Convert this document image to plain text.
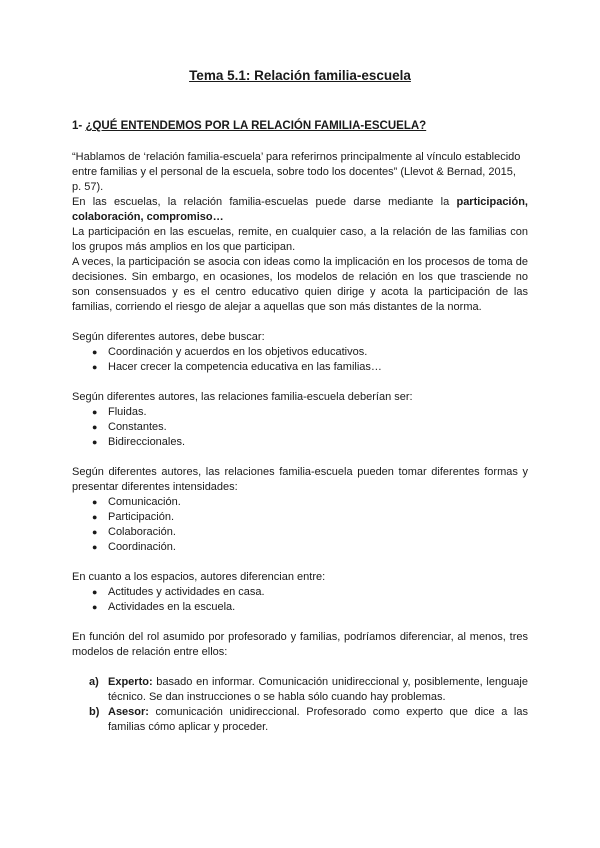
Tema 5.1: Relación familia-escuela
1- ¿QUÉ ENTENDEMOS POR LA RELACIÓN FAMILIA-ESCUELA?

“Hablamos de ‘relación familia-escuela’ para referirnos principalmente al vínculo establecido entre familias y el personal de la escuela, sobre todo los docentes” (Llevot & Bernad, 2015, p. 57).

En las escuelas, la relación familia-escuelas puede darse mediante la participación, colaboración, compromiso…

La participación en las escuelas, remite, en cualquier caso, a la relación de las familias con los grupos más amplios en los que participan.

A veces, la participación se asocia con ideas como la implicación en los procesos de toma de decisiones. Sin embargo, en ocasiones, los modelos de relación en los que trasciende no son consensuados y es el centro educativo quien dirige y acota la participación de las familias, corriendo el riesgo de alejar a aquellas que son más distantes de la norma.

Según diferentes autores, debe buscar:

● Coordinación y acuerdos en los objetivos educativos.
● Hacer crecer la competencia educativa en las familias…

Según diferentes autores, las relaciones familia-escuela deberían ser:

● Fluidas.
● Constantes.
● Bidireccionales.

Según diferentes autores, las relaciones familia-escuela pueden tomar diferentes formas y presentar diferentes intensidades:

● Comunicación.
● Participación.
● Colaboración.
● Coordinación.

En cuanto a los espacios, autores diferencian entre:

● Actitudes y actividades en casa.
● Actividades en la escuela.

En función del rol asumido por profesorado y familias, podríamos diferenciar, al menos, tres modelos de relación entre ellos:

a) Experto: basado en informar. Comunicación unidireccional y, posiblemente, lenguaje técnico. Se dan instrucciones o se habla sólo cuando hay problemas.
b) Asesor: comunicación unidireccional. Profesorado como experto que dice a las familias cómo aplicar y proceder.
